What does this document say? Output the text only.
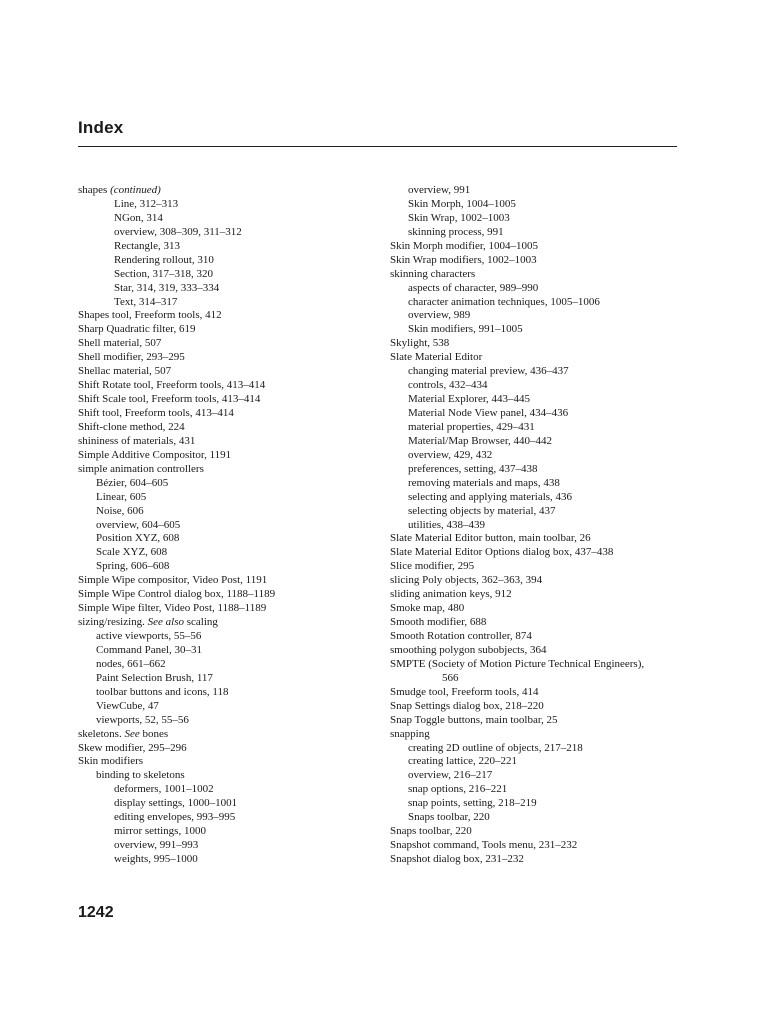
Index
shapes (continued)
Line, 312–313
NGon, 314
overview, 308–309, 311–312
Rectangle, 313
Rendering rollout, 310
Section, 317–318, 320
Star, 314, 319, 333–334
Text, 314–317
Shapes tool, Freeform tools, 412
Sharp Quadratic filter, 619
Shell material, 507
Shell modifier, 293–295
Shellac material, 507
Shift Rotate tool, Freeform tools, 413–414
Shift Scale tool, Freeform tools, 413–414
Shift tool, Freeform tools, 413–414
Shift-clone method, 224
shininess of materials, 431
Simple Additive Compositor, 1191
simple animation controllers
Bézier, 604–605
Linear, 605
Noise, 606
overview, 604–605
Position XYZ, 608
Scale XYZ, 608
Spring, 606–608
Simple Wipe compositor, Video Post, 1191
Simple Wipe Control dialog box, 1188–1189
Simple Wipe filter, Video Post, 1188–1189
sizing/resizing. See also scaling
active viewports, 55–56
Command Panel, 30–31
nodes, 661–662
Paint Selection Brush, 117
toolbar buttons and icons, 118
ViewCube, 47
viewports, 52, 55–56
skeletons. See bones
Skew modifier, 295–296
Skin modifiers
binding to skeletons
deformers, 1001–1002
display settings, 1000–1001
editing envelopes, 993–995
mirror settings, 1000
overview, 991–993
weights, 995–1000
overview, 991
Skin Morph, 1004–1005
Skin Wrap, 1002–1003
skinning process, 991
Skin Morph modifier, 1004–1005
Skin Wrap modifiers, 1002–1003
skinning characters
aspects of character, 989–990
character animation techniques, 1005–1006
overview, 989
Skin modifiers, 991–1005
Skylight, 538
Slate Material Editor
changing material preview, 436–437
controls, 432–434
Material Explorer, 443–445
Material Node View panel, 434–436
material properties, 429–431
Material/Map Browser, 440–442
overview, 429, 432
preferences, setting, 437–438
removing materials and maps, 438
selecting and applying materials, 436
selecting objects by material, 437
utilities, 438–439
Slate Material Editor button, main toolbar, 26
Slate Material Editor Options dialog box, 437–438
Slice modifier, 295
slicing Poly objects, 362–363, 394
sliding animation keys, 912
Smoke map, 480
Smooth modifier, 688
Smooth Rotation controller, 874
smoothing polygon subobjects, 364
SMPTE (Society of Motion Picture Technical Engineers),
566
Smudge tool, Freeform tools, 414
Snap Settings dialog box, 218–220
Snap Toggle buttons, main toolbar, 25
snapping
creating 2D outline of objects, 217–218
creating lattice, 220–221
overview, 216–217
snap options, 216–221
snap points, setting, 218–219
Snaps toolbar, 220
Snaps toolbar, 220
Snapshot command, Tools menu, 231–232
Snapshot dialog box, 231–232
1242
